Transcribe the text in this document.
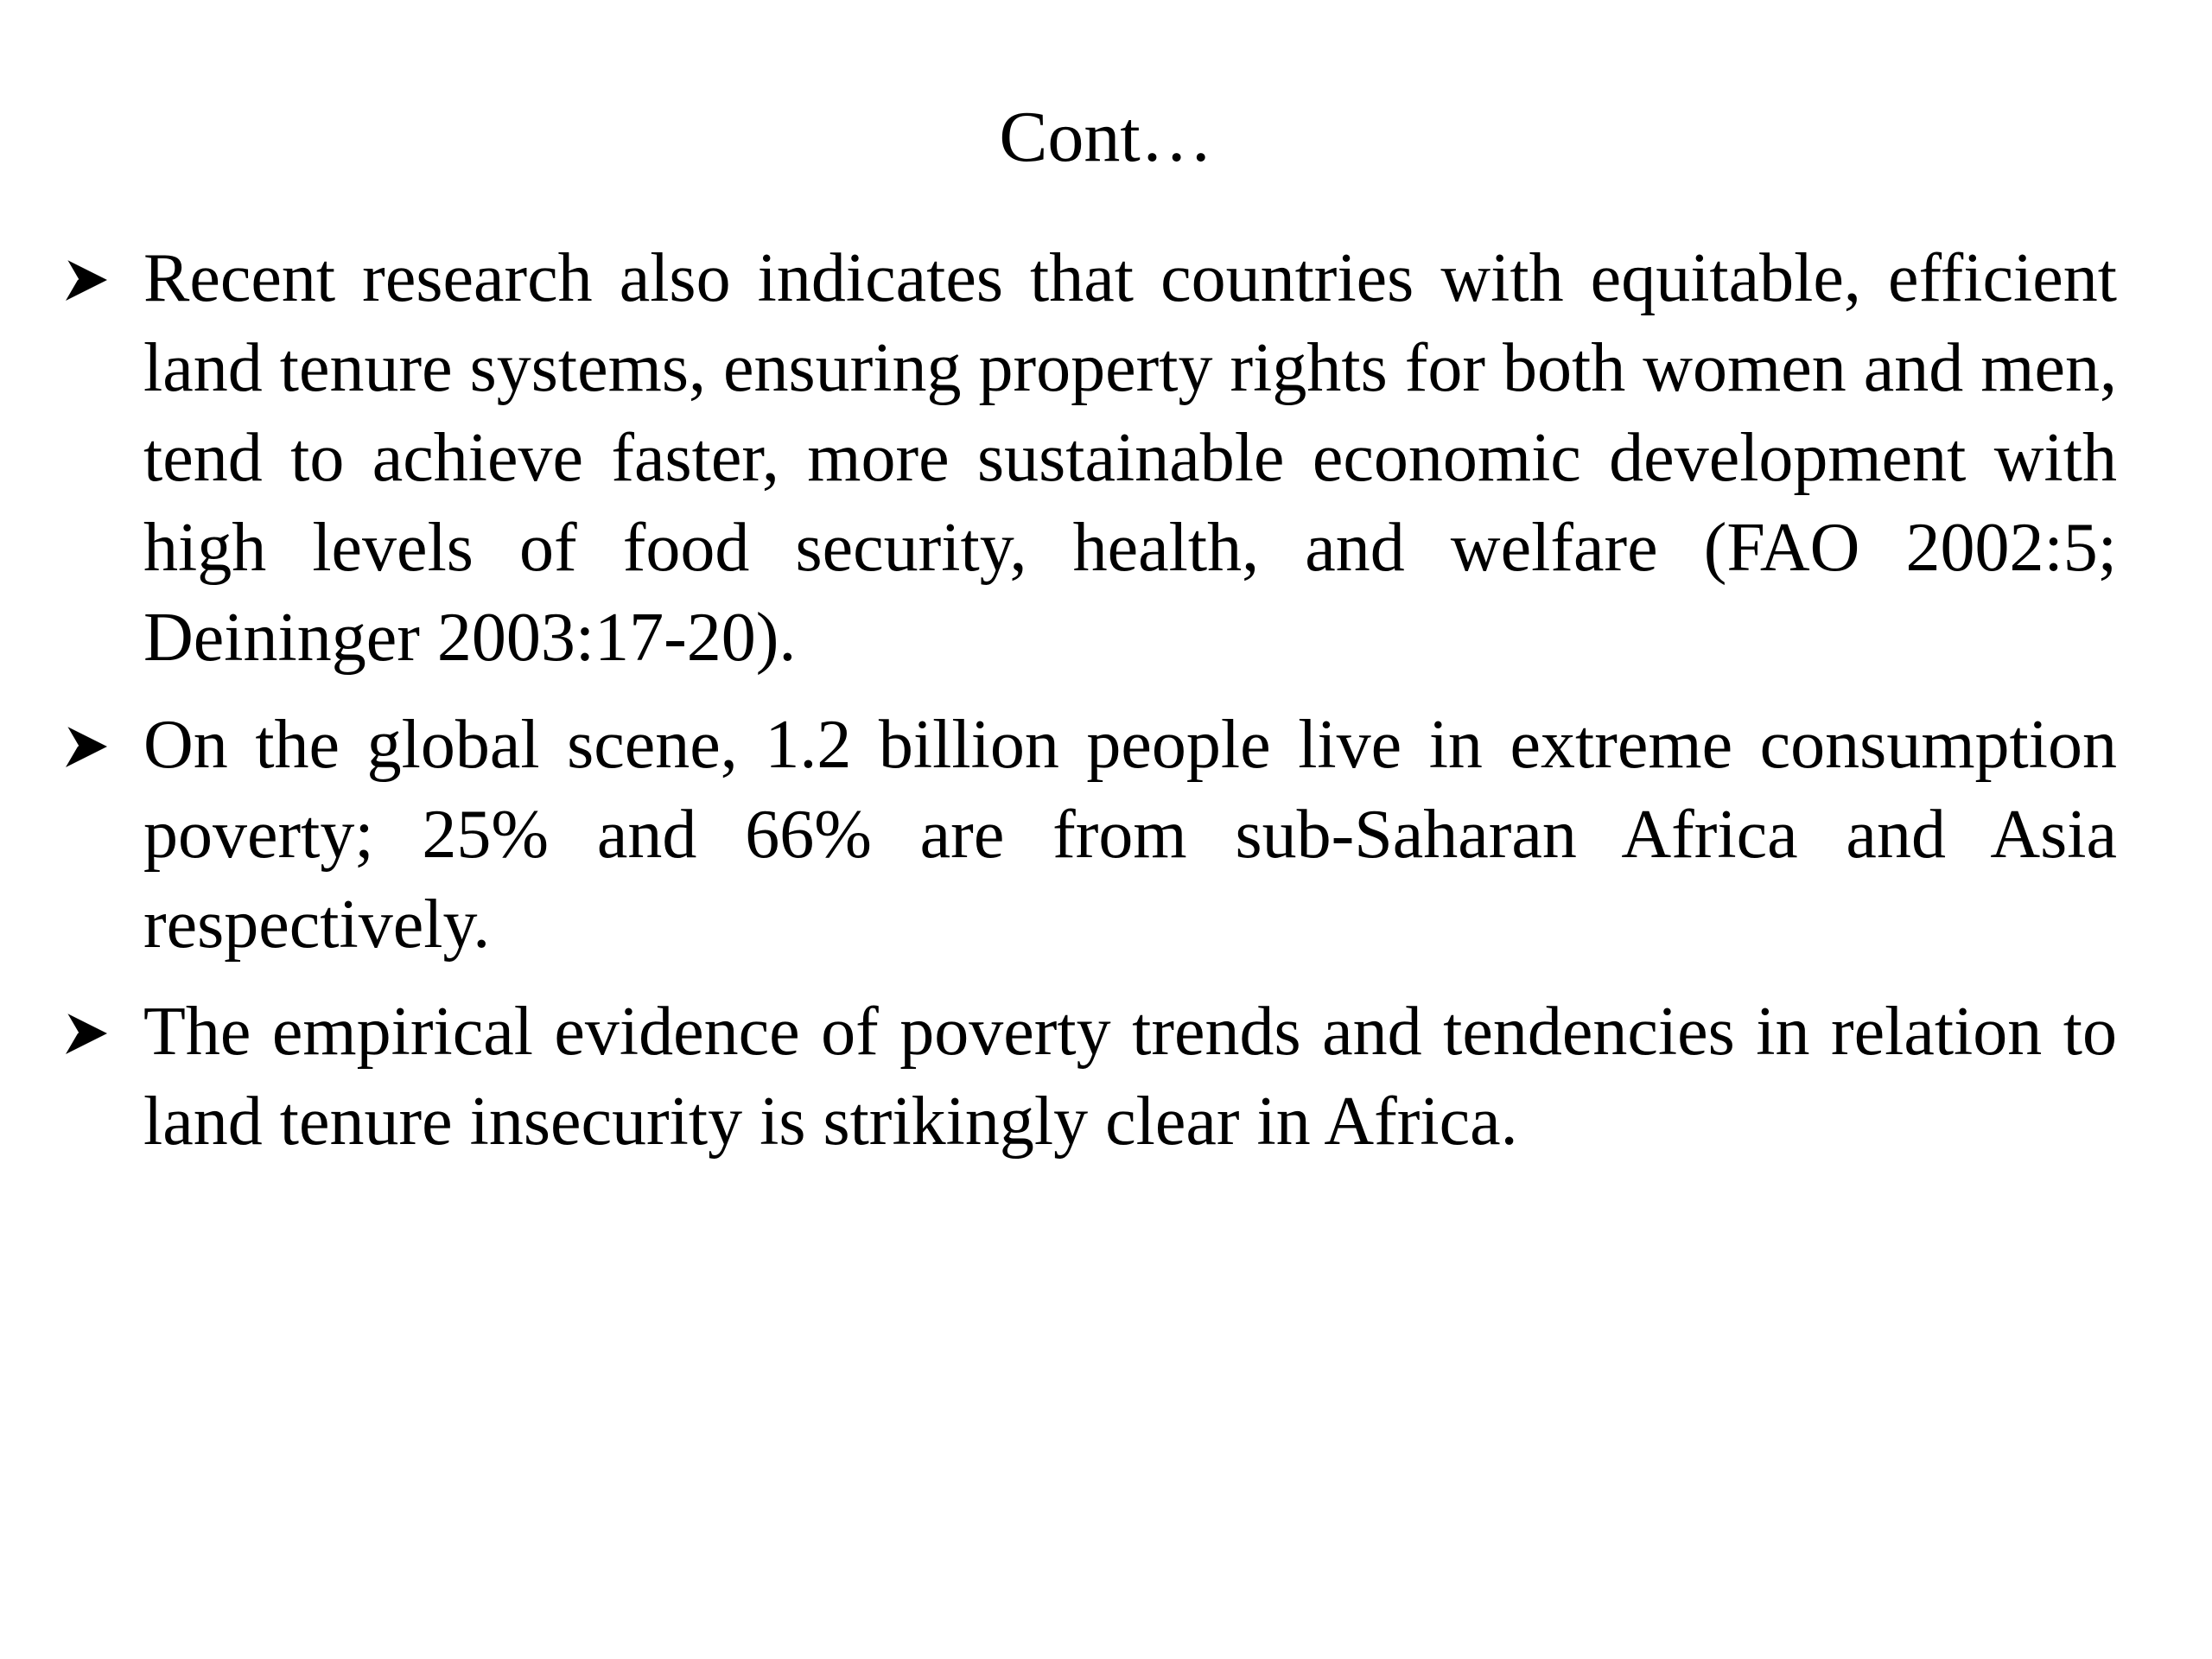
Cont…
Recent research also indicates that countries with equitable, efficient land tenure systems, ensuring property rights for both women and men, tend to achieve faster, more sustainable economic development with high levels of food security, health, and welfare (FAO 2002:5; Deininger 2003:17-20).
On the global scene, 1.2 billion people live in extreme consumption poverty; 25% and 66% are from sub-Saharan Africa and Asia respectively.
The empirical evidence of poverty trends and tendencies in relation to land tenure insecurity is strikingly clear in Africa.
